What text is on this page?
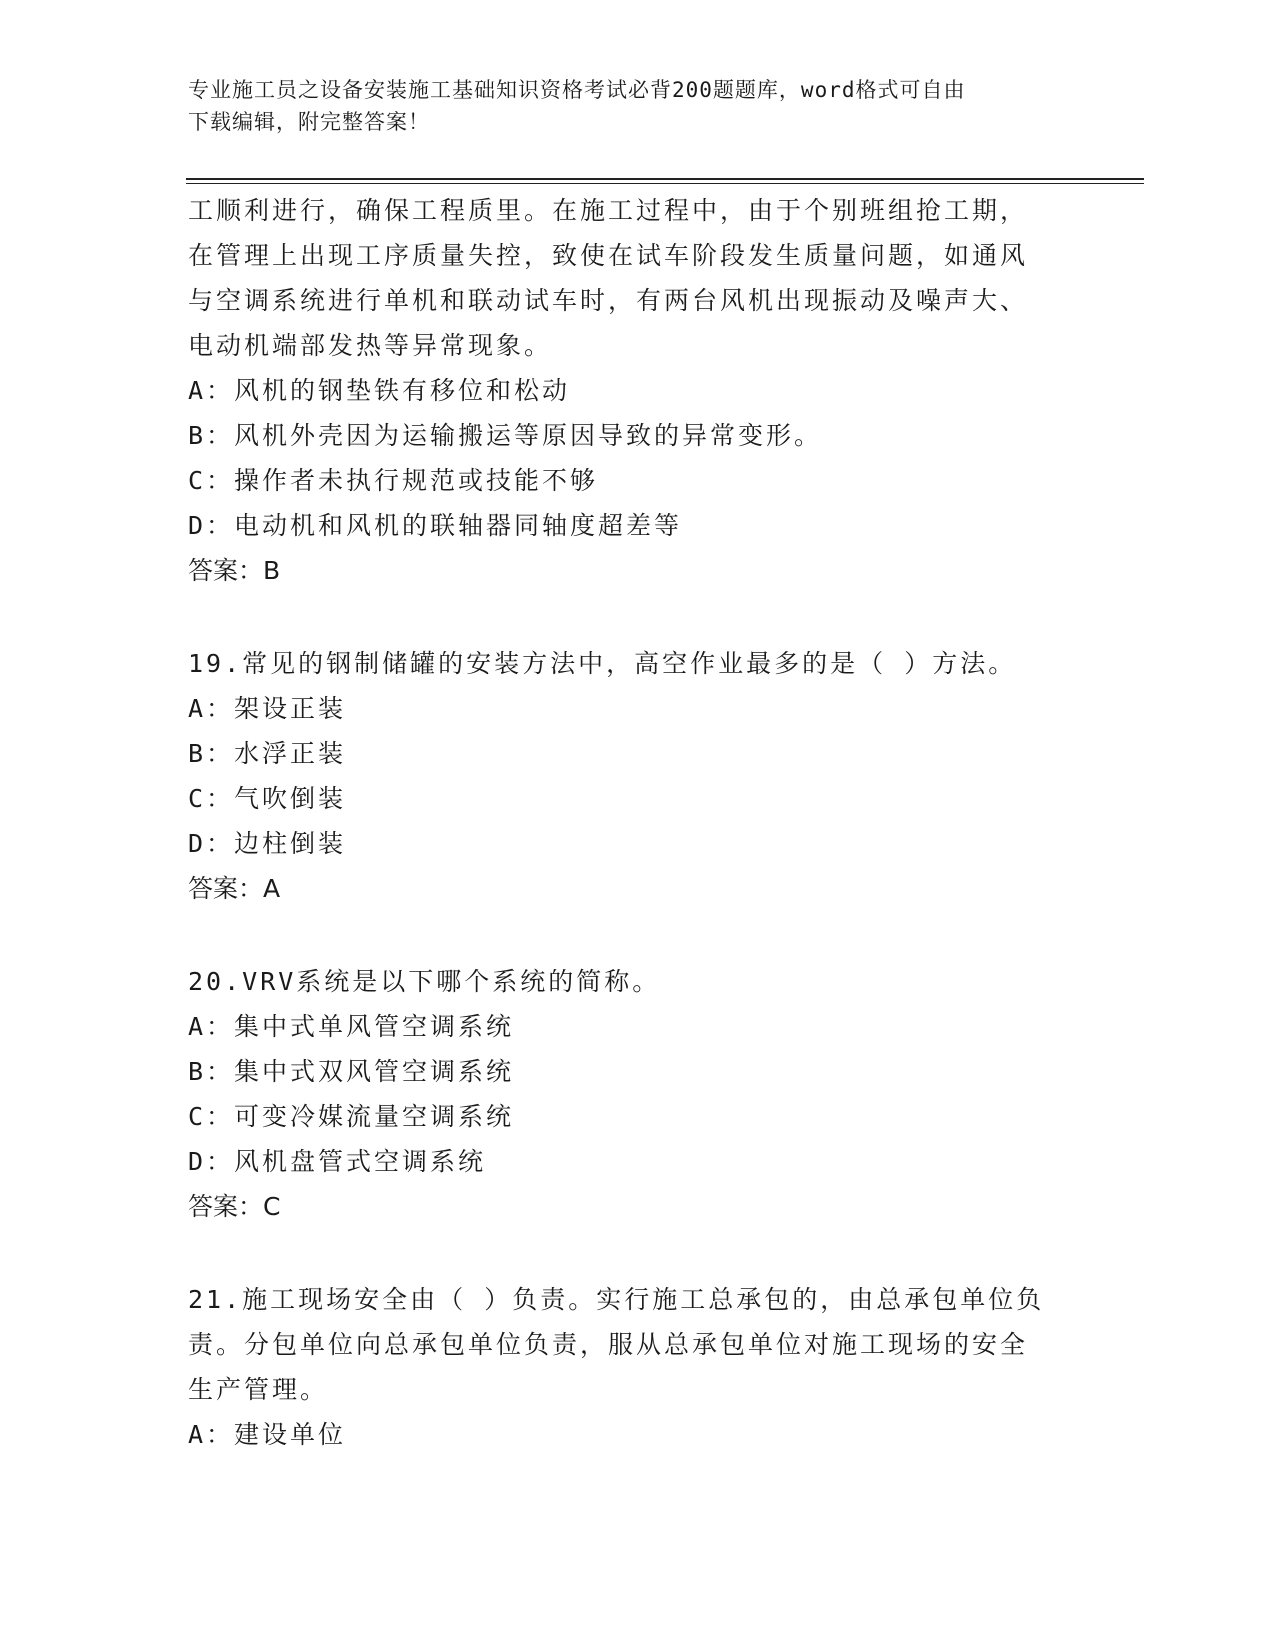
专业施工员之设备安装施工基础知识资格考试必背200题题库，word格式可自由
下载编辑，附完整答案！
工顺利进行，确保工程质里。在施工过程中，由于个别班组抢工期，
在管理上出现工序质量失控，致使在试车阶段发生质量问题，如通风
与空调系统进行单机和联动试车时，有两台风机出现振动及噪声大、
电动机端部发热等异常现象。
A：风机的钢垫铁有移位和松动
B：风机外壳因为运输搬运等原因导致的异常变形。
C：操作者未执行规范或技能不够
D：电动机和风机的联轴器同轴度超差等
答案：B
19.常见的钢制储罐的安装方法中，高空作业最多的是（ ）方法。
A：架设正装
B：水浮正装
C：气吹倒装
D：边柱倒装
答案：A
20.VRV系统是以下哪个系统的简称。
A：集中式单风管空调系统
B：集中式双风管空调系统
C：可变冷媒流量空调系统
D：风机盘管式空调系统
答案：C
21.施工现场安全由（ ）负责。实行施工总承包的，由总承包单位负
责。分包单位向总承包单位负责，服从总承包单位对施工现场的安全
生产管理。
A：建设单位
